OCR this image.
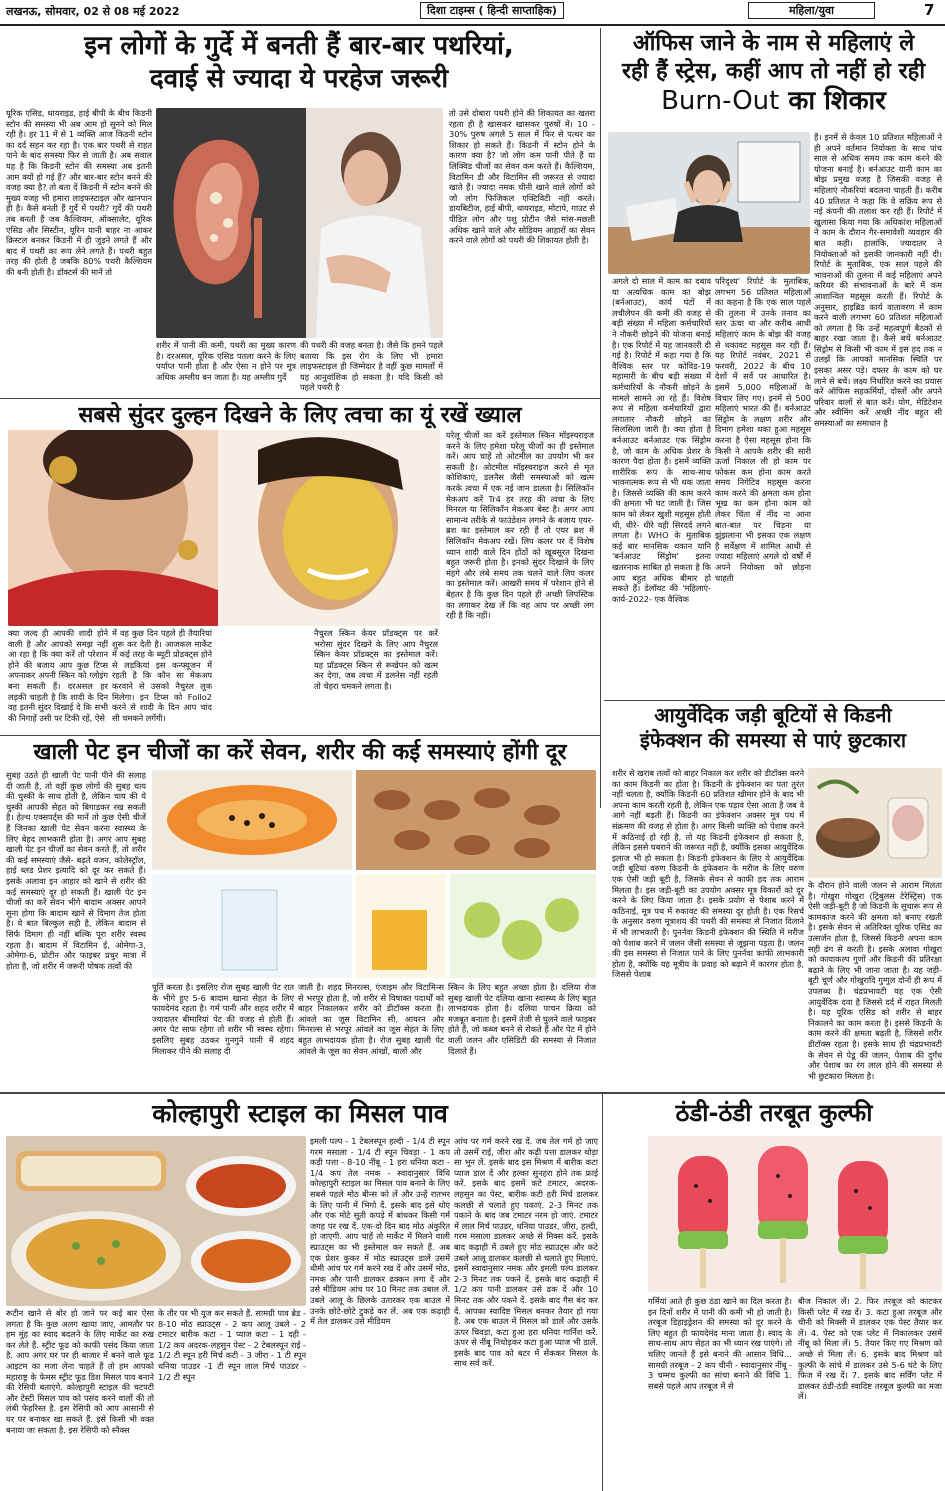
लखनऊ, सोमवार, 02 से 08 मई 2022	दिशा टाइम्स ( हिन्दी साप्ताहिक)	महिला/युवा	7
इन लोगों के गुर्दे में बनती हैं बार-बार पथरियां,
दवाई से ज्यादा ये परहेज जरूरी
यूरिक एसिड, थायराइड, हाई बीपी के बीच किडनी स्टोन की समस्या भी अब आम हो सुनने को मिल रही है। हर 11 में से 1 व्यक्ति आज किडनी स्टोन का दर्द सहन कर रहा है। एक बार पथरी से राहत पाने के बाद समस्या फिर से जाती है। अब सवाल यह है कि किडनी स्टोन की समस्या अब इतनी आम क्यों हो गई हैं? और बार-बार स्टोन बनने की वजह क्या है? तो बता दें किडनी में स्टोन बनने की मुख्य वजह भी हमारा लाइफस्टाइल और खानपान ही है। कैसे बनती हैं गुर्दे में पथरी? गुर्दे की पथरी तब बनती हैं जब कैल्शियम, ऑक्सालेट, यूरिक एसिड और सिस्टीन, यूरिन यानी बाहर ना आकर क्रिस्टल बनकर किडनी में ही जुड़ने लगते हैं और बाद में पथरी का रूप लेने लगते हैं। पथरी बहुत तरह की होती है जबकि 80% पथरी कैल्शियम की बनी होती है। डॉक्टर्स की मानें तो
शरीर में पानी की कमी, पथरी का मुख्य कारण है। दरअसल, यूरिक एसिड पतला करने के लिए पर्याप्त पानी होता है और ऐसा न होने पर मूत्र अधिक अम्लीय बन जाता है। यह अम्लीय गुर्दे
की पथरी की वजह बनता है। जैसे कि हमने पहले बताया कि इस रोग के लिए भी हमारा लाइफस्टाइल ही जिम्मेदार है वहीं कुछ मामलों में यह आनुवांशिक हो सकता है। यदि किसी को पहले पथरी है
तो उसे दोबारा पथरी होने की शिकायत का खतरा रहता ही है खासकर खासकर पुरुषों में। 10 - 30% पुरुष अगले 5 साल में फिर से पत्थर का शिकार हो सकते हैं। किडनी में स्टोन होने के कारण क्या है? जो लोग कम पानी पीते हैं या लिक्विड चीजों का सेवन कम करते हैं। कैल्शियम, विटामिन डी और विटामिन सी जरूरत से ज्यादा खाते हैं। ज्यादा नमक चीनी खाने वाले लोगों को जो लोग फिजिकल एक्टिविटी नहीं करते। डायबिटीज, हाई बीपी, थायराइड, मोटापे, गाउट से पीड़ित लोग और पशु प्रोटीन जैसे मांस-मछली अधिक खाने वाले और सोडियम आहारों का सेवन करने वाले लोगों को पथरी की शिकायत होती है।
ऑफिस जाने के नाम से महिलाएं ले
रही हैं स्ट्रेस, कहीं आप तो नहीं हो रही
Burn-Out का शिकार
हैं। इनमें से केवल 10 प्रतिशत महिलाओं ने ही अपने वर्तमान नियोक्ता के साथ पांच साल से अधिक समय तक काम करने की योजना बनाई है। बर्नआउट यानी काम का बोझ प्रमुख वजह है जिसकी वजह से महिलाएं नौकरियां बदलना चाहती हैं। करीब 40 प्रतिशत ने कहा कि वे सक्रिय रूप से नई कंपनी की तलाश कर रही हैं। रिपोर्ट में खुलासा किया गया कि अधिकांश महिलाओं ने काम के दौरान गैर-समावेशी व्यवहार की बात कही। हालांकि, ज्यादातर ने नियोक्ताओं को इसकी जानकारी नहीं दी। रिपोर्ट के मुताबिक, एक साल पहले की भावनाओं की तुलना में कई महिलाएं अपने करियर की संभावनाओं के बारे में कम आशान्वित महसूस करती हैं। रिपोर्ट के अनुसार, हाइब्रिड कार्य वातावरण में काम करने वाली लगभग 60 प्रतिशत महिलाओं को लगता है कि उन्हें महत्वपूर्ण बैठकों से बाहर रखा जाता है। कैसे बचें बर्नआउट सिंड्रोम से किसी भी काम में इस हद तक न उलझें कि आपको मानसिक स्थिति पर इसका असर पड़े। दफ्तर के काम को घर लाने से बचें। लक्ष्य निर्धारित करने का प्रयास करें ऑफिस सहकर्मियों, दोस्तों और अपने परिवार वालों से बात करें। योग, मेडिटेशन और स्वीमिंग करें अच्छी नींद बहुत सी समस्याओं का समाधान है
अगले दो साल में काम का दबाव या अत्यधिक काम का बोझ (बर्नआउट), कार्य घंटों में लचीलेपन की कमी की वजह से बड़ी संख्या में महिला कर्मचारियों ने नौकरी छोड़ने की योजना बनाई है। एक रिपोर्ट में यह जानकारी दी गई है। रिपोर्ट में कहा गया है कि वैश्विक स्तर पर कोविड-19 महामारी के बीच बड़ी संख्या में कर्मचारियों के नौकरी छोड़ने के मामले सामने आ रहे हैं। विशेष रूप से महिला कर्मचारियों द्वारा लगातार नौकरी छोड़ने का सिलसिला जारी है। क्या होता है बर्नआउट बर्नआउट एक सिंड्रोम है, जो काम के अधिक प्रेशर के कारण पैदा होता है। इसमें व्यक्ति शारीरिक रूप के साथ-साथ भावनात्मक रूप से भी थक जाता है। जिससे व्यक्ति की काम करने की क्षमता भी घट जाती है। जिस काम को लेकर खुशी महसूस होती थी, धीरे- धीरे वही सिरदर्द लगने लगता है। WHO के मुताबिक कई बार मानसिक थकान यानि 'बर्नआउट सिंड्रोम' इतना खतरनाक साबित हो सकता है कि आप बहुत अधिक बीमार हो सकते हैं। डेलॉयट की 'महिलाएं- कार्य-2022- एक वैश्विक
परिदृश्य' रिपोर्ट के मुताबिक, लगभग 56 प्रतिशत महिलाओं का कहना है कि एक साल पहले की तुलना में उनके तनाव का स्तर ऊंचा था और करीब आधी महिलाएं काम के बोझ की वजह से थकावट महसूस कर रही हैं। यह रिपोर्ट नवंबर, 2021 से फरवरी, 2022 के बीच 10 देशों में सर्वे पर आधारित है। इसमें 5,000 महिलाओं के विचार लिए गए। इनमें से 500 महिलाएं भारत की हैं। बर्नआउट सिंड्रोम के लक्षण शरीर और दिमाग हमेशा थका हुआ महसूस करना है ऐसा महसूस होना कि किसी ने आपके शरीर की सारी ऊर्जा निकाल ली हो काम पर फोकस कम होना काम करते समय निगेटिव महसूस करना काम करने की क्षमता कम होना भूख का कम होना काम को लेकर चिंता में नींद ना आना बात-बात पर चिड़ना या झुंझलाना भी इसका एक लक्षण है सर्वेक्षण में शामिल आधी से ज्यादा महिलाएं अगले दो वर्षों में अपने नियोक्ता को छोड़ना चाहती
सबसे सुंदर दुल्हन दिखने के लिए त्वचा का यूं रखें ख्याल
क्या जल्द ही आपकी शादी होने वाली है और आपको समझ नहीं आ रहा है कि क्या करें तो परेशान होने की बजाय आप कुछ टिप्स अपनाकर अपनी स्किन को ग्लोइंग बना सकती हैं। दरअसल हर लड़की चाहती है कि शादी के दिन वह इतनी सुंदर दिखाई दे कि सभी की निगाहें उसी पर टिकी रहें, ऐसे
में वह कुछ दिन पहले ही तैयारियां शुरू कर देती है। आजकल मार्केट में कई तरह के ब्यूटी प्रोडक्ट्स होने से लड़कियां इस कन्फ्यूजन में रहती है कि कौन सा मेकअप करवाने से उसको नैचुरल लुक मिलेगा। इन टिप्स को Follo2 करने से शादी के दिन आप चांद सी चमकने लगेंगी।
नैचुरल स्किन केयर प्रॉडक्ट्स पर करें भरोसा सुंदर दिखने के लिए आप नैचुरल स्किन केयर प्रॉडक्ट्स का इस्तेमाल करें। यह प्रॉडक्ट्स स्किन से रूखेपन को खत्म कर देगा, जब त्वचा में डलनेस नहीं रहती तो चेहरा चमकने लगता है।
घरेलू चीजों का करें इस्तेमाल स्किन मॉइस्चराइज करने के लिए हमेशा घरेलू चीजों का ही इस्तेमाल करें। आप चाहें तो ओटमील का उपयोग भी कर सकती है। ओटमील मॉइस्चराइज करने से मृत कोशिकाएं, डलनैस जैसी समस्याओं को खत्म करके त्वचा में एक नई जान डालता है। सिलिकॉन मेकअप करें Tr4 हर तरह की त्वचा के लिए मिनरल या सिलिकॉन मेकअप बेस्ट है। अगर आप सामान्य तरीके से फाउंडेशन लगाने के बजाय एयर-ब्रश का इस्तेमाल कर रही हैं तो एयर ब्रश में सिलिकॉन मेकअप रखें। लिप कलर पर दें विशेष ध्यान शादी वाले दिन होंठों को खूबसूरत दिखना बहुत जरूरी होता है। इनको सुंदर दिखाने के लिए मंहगे और लंबे समय तक चलने वाले लिप कलर का इस्तेमाल करें। आखरी समय में परेशान होने से बेहतर है कि कुछ दिन पहले ही अच्छी लिपस्टिक का लगाकर देख लें कि वह आप पर अच्छी लग रही है कि नहीं।
खाली पेट इन चीजों का करें सेवन, शरीर की कई समस्याएं होंगी दूर
सुबह उठते ही खाली पेट पानी पीने की सलाह दी जाती है, तो वहीं कुछ लोगों की सुबह चाय की चुस्की के साथ होती है, लेकिन चाय की ये चुस्की आपकी सेहत को बिगाड़कर रख सकती है। हेल्थ एक्सपर्ट्स की मानें तो कुछ ऐसी चीजें हैं जिनका खाली पेट सेवन करना स्वास्थ्य के लिए बेहद लाभकारी होता है। अगर आप सुबह खाली पेट इन चीजों का सेवन करते हैं, तो शरीर की कई समस्याएं जैसे- बढ़ते वजन, कोलेस्ट्रॉल, हाई ब्लड प्रेशर इत्यादि को दूर कर सकते हैं। इसके अलावा इन आहार को खाने से शरीर की कई समस्याएं दूर हो सकती हैं। खाली पेट इन चीजों का करें सेवन भीगे बादाम अक्सर आपने सुना होगा कि बादाम खाने से दिमाग तेज होता है। ये बात बिल्कुल सही है, लेकिन बादाम से सिर्फ दिमाग ही नहीं बल्कि पूरा शरीर स्वस्थ रहता है। बादाम में विटामिन ई, ओमेगा-3, ओमेगा-6, प्रोटीन और फाइबर प्रचुर मात्रा में होता है, जो शरीर में जरूरी पोषक तत्वों की
पूर्ति करता है। इसलिए रोज सुबह खाली पेट रात के भीगे हुए 5-6 बादाम खाना सेहत के लिए फायदेमंद रहता है। गर्म पानी और शहद शरीर में ज्यादातर बीमारियां पेट की वजह से होती हैं। अगर पेट साफ रहेगा तो शरीर भी स्वस्थ रहेगा। इसलिए सुबह उठकर गुनगुने पानी में शहद मिलाकर पीने की सलाह दी
जाती है। शहद मिनरल्स, एंजाइम और विटामिन्स से भरपूर होता है, जो शरीर से विषाक्त पदार्थों को बाहर निकालकर शरीर को डीटॉक्स करता है। आंवले का जूस विटामिन सी, आयरन और मिनरल्स से भरपूर आंवले का जूस सेहत के लिए बहुत लाभदायक होता है। रोज सुबह खाली पेट आंवले के जूस का सेवन आंखों, बालों और
स्किन के लिए बहुत अच्छा होता है। दलिया रोज सुबह खाली पेट दलिया खाना स्वास्थ्य के लिए बहुत लाभदायक होता है। दलिया पाचन क्रिया को मजबूत बनाता है। इसमें तेजी से घुलने वाले फाइबर होते हैं, जो कब्ज बनने से रोकते हैं और पेट में होने वाली जलन और एसिडिटी की समस्या से निजात दिलाते हैं।
आयुर्वेदिक जड़ी बूटियों से किडनी
इंफेक्शन की समस्या से पाएं छुटकारा
शरीर से खराब तत्वों को बाहर निकाल कर शरीर को डीटॉक्स करने का काम किडनी का होता है। किडनी के इंफेक्शन का पता तुरंत नहीं चलता है, क्योंकि किडनी 60 प्रतिशत खीमार होने के बाद भी अपना काम करती रहती है, लेकिन एक पड़ाव ऐसा आता है जब वे आगे नहीं बढ़ती हैं। किडनी का इंफेक्शन अक्सर मूत्र पथ में संक्रमण की वजह से होता है। अगर किसी व्यक्ति को पेशाब करने में कठिनाई हो रही है, तो यह किडनी इंफेक्शन हो सकता है, लेकिन इससे घबराने की जरूरत नहीं है, क्योंकि इसका आयुर्वेदिक इलाज भी हो सकता है। किडनी इंफेक्शन के लिए ये आयुर्वेदिक जड़ी बूटियां वरुण किडनी के इंफेक्शन के मरीज के लिए वरुण एक ऐसी जड़ी बूटी है, जिसके सेवन से काफी हद तक आराम मिलता है। इस जड़ी-बूटी का उपयोग अक्सर मूत्र विकारों को दूर करने के लिए किया जाता है। इसके प्रयोग से पेशाब करने में कठिनाई, मूत्र पथ में रुकावट की समस्या दूर होती है। एक रिसर्च के अनुसार वरुण मूत्राशय की पथरी की समस्या से निजात दिलाने में भी लाभकारी है। पुनर्नवा किडनी इंफेक्शन की स्थिति में मरीज को पेशाब करने में जलन जैसी समस्या से जूझना पड़ता है। जलन की इस समस्या से निजात पाने के लिए पुनर्नवा काफी लाभकारी होता है, क्योंकि यह मूत्रीय के प्रवाह को बढ़ाने में कारगर होता है, जिससे पेशाब
के दौरान होने वाली जलन से आराम मिलता है। गोखुरा गोखुरा (ट्रिबुलस टेरेस्ट्रिस) एक ऐसी जड़ी-बूटी है जो किडनी के सुचारू रूप से कामकाज करने की क्षमता को बनाए रखती है। इसके सेवन से अतिरिक्त यूरिक एसिड का उत्सर्जन होता है, जिससे किडनी अपना काम सही ढंग से करती है। इसके अलावा गोखुरा को कायाकल्प गुणों और किडनी की प्रतिरक्षा बढ़ाने के लिए भी जाना जाता है। यह जड़ी-बूटी चूर्ण और गोखुरादि गुग्गुल दोनों ही रूप में उपलब्ध है। चंद्रप्रभावटी यह एक ऐसी आयुर्वेदिक दवा है जिससे दर्द में राहत मिलती है। यह यूरिक एसिड को शरीर से बाहर निकालने का काम करता है। इससे किडनी के काम करने की क्षमता बढ़ती है, जिससे शरीर डीटॉक्स रहता है। इसके साथ ही चंद्रप्रभावटी के सेवन से पेडू की जलन, पेशाब की दुर्गंध और पेशाब का रंग लाल होने की समस्या से भी छुटकारा मिलता है।
कोल्हापुरी स्टाइल का मिसल पाव
रूटीन खाने से बोर हो जाने पर कई बार ऐसा लगता है कि कुछ अलग खाया जाए, आमतौर पर हम मुंह का स्वाद बदलने के लिए मार्केट का रुख कर लेते हैं. स्ट्रीट फूड को काफी पसंद किया जाता है. आप अगर घर पर ही बाजार में बनने वाले फूड आइटम का मजा लेना चाहते हैं तो हम आपको महाराष्ट्र के फेमस स्ट्रीट फूड डिश मिसल पाव बनाने की रेसिपी बताएंगे. कोल्हापुरी स्टाइल की चटपटी और टेस्टी मिसल पाव को पसंद करने वालों की तो लंबी फेहरिस्त है. इस रेसिपी को आप आसानी से घर पर बनाकर खा सकते हैं. इसे किसी भी वक्त बनाया जा सकता है. इस रेसिपी को स्नैक्स
के तौर पर भी यूज कर सकते हैं. सामग्री पाव ब्रेड - 8-10 मोठ स्प्राउट्स - 2 कप आलू उबले - 2 टमाटर बारीक कटा - 1 प्याज कटा - 1 दही - 1/2 कप अदरक-लहसुन पेस्ट - 2 टेबलस्पून राई - 1/2 टी स्पून हरी मिर्च कटी - 3 जीरा - 1 टी स्पून धनिया पाउडर -1 टी स्पून लाल मिर्च पाउडर - 1/2 टी स्पून
इमली पल्प - 1 टेबलस्पून हल्दी - 1/4 टी स्पून गरम मसाला - 1/4 टी स्पून चिवड़ा - 1 कप कड़ी पत्ता - 8-10 नींबू - 1 हरा धनिया कटा - 1/4 कप तेल नमक - स्वादानुसार विधि कोल्हापुरी स्टाइल का मिसल पाव बनाने के लिए सबसे पहले मोठ बीन्स को लें और उन्हें रातभर के लिए पानी में भिगो दें. इसके बाद इसे धोएं और एक मोटे सूती कपड़े में बांधकर किसी गर्म जगह पर रख दें. एक-दो दिन बाद मोठ अंकुरित हो जाएगी. आप चाहें तो मार्केट में मिलने वाली स्प्राउट्स का भी इस्तेमाल कर सकते हैं. अब एक प्रेशर कुकर में मोठ स्प्राउट्स डालें उसमें धीमी आंच पर गर्म करने रख दें और उसमें मोठ, नमक और पानी डालकर ढक्कन लगा दें और उसे मीडियम आंच पर 10 मिनट तक उबाल लें. उबले आलू के छिलके उतारकर एक बाउल में उनके छोटे-छोटे टुकड़े कर लें. अब एक कढ़ाही में तेल डालकर उसे मीडियम
आंच पर गर्म करने रख दें. जब तेल गर्म हो जाए तो उसमें राई, जीरा और कढ़ी पत्ता डालकर थोड़ा सा भून लें. इसके बाद इस मिश्रण में बारीक कटा प्याज डाल दें और हल्का सुनहरा होने तक फ्राई करें. इसके बाद इसमें कटे टमाटर, अदरक-लहसुन का पेस्ट, बारीक कटी हरी मिर्च डालकर कलछी से चलाते हुए पकाएं. 2-3 मिनट तक पकाने के बाद जब टमाटर नरम हो जाएं. टमाटर में लाल मिर्च पाउडर, धनिया पाउडर, जीरा, हल्दी, गरम मसाला डालकर अच्छे से मिक्स करें. इसके बाद कढ़ाही में उबले हुए मोठ स्प्राउट्स और कटे उबले आलू डालकर कलछी से चलाते हुए मिलाएं. इसमें स्वादानुसार नमक और इमली पल्प डालकर 2-3 मिनट तक पकने दें. इसके बाद कढ़ाही में 1/2 कप पानी डालकर उसे ढक दें और 10 मिनट तक और पकने दें. इसके बाद गैस बंद कर दें. आपका स्वादिष्ट मिसल बनकर तैयार हो गया है. अब एक बाउल में मिसल को डालें और उसके ऊपर चिवड़ा, कटा हुआ हरा धनिया गार्निश करें. ऊपर से नींबू निचोड़कर कटा हुआ प्याज भी डालें. इसके बाद पाव को बटर में सेंककर मिसल के साथ सर्व करें.
ठंडी-ठंडी तरबूत कुल्फी
गर्मियां आते ही कुछ ठंडा खाने का दिल करता है। इन दिनों शरीर में पानी की कमी भी हो जाती है। तरबूज डिहाइड्रेशन की समस्या को दूर करने के लिए बहुत ही फायदेमंद माना जाता है। स्वाद के साथ-साथ आप सेहत का भी ध्यान रख पाएंगे। तो चलिए जानते हैं इसे बनाने की आसान विधि… सामग्री तरबूज - 2 कप चीनी - स्वादानुसार नींबू - 3 चम्मच कुल्फी का सांचा बनाने की विधि 1. सबसे पहले आप तरबूज में से
बीज निकाल लें। 2. फिर तरबूज को काटकर किसी प्लेट में रख दें। 3. कटा हुआ तरबूज और चीनी को मिक्सी में डालकर एक पेस्ट तैयार कर लें। 4. पेस्ट को एक प्लेट में निकालकर उसमें नींबू को मिला लें। 5. तैयार किए गए मिश्रण को अच्छे से मिला लें। 6. इसके बाद मिश्रण को कुल्फी के सांचे में डालकर उसे 5-6 घंटे के लिए फिज में रख दें। 7. इसके बाद सर्विंग प्लेट में डालकर ठंडी-ठंडी स्वादिष्ट तरबूज कुल्फी का मजा लें।
